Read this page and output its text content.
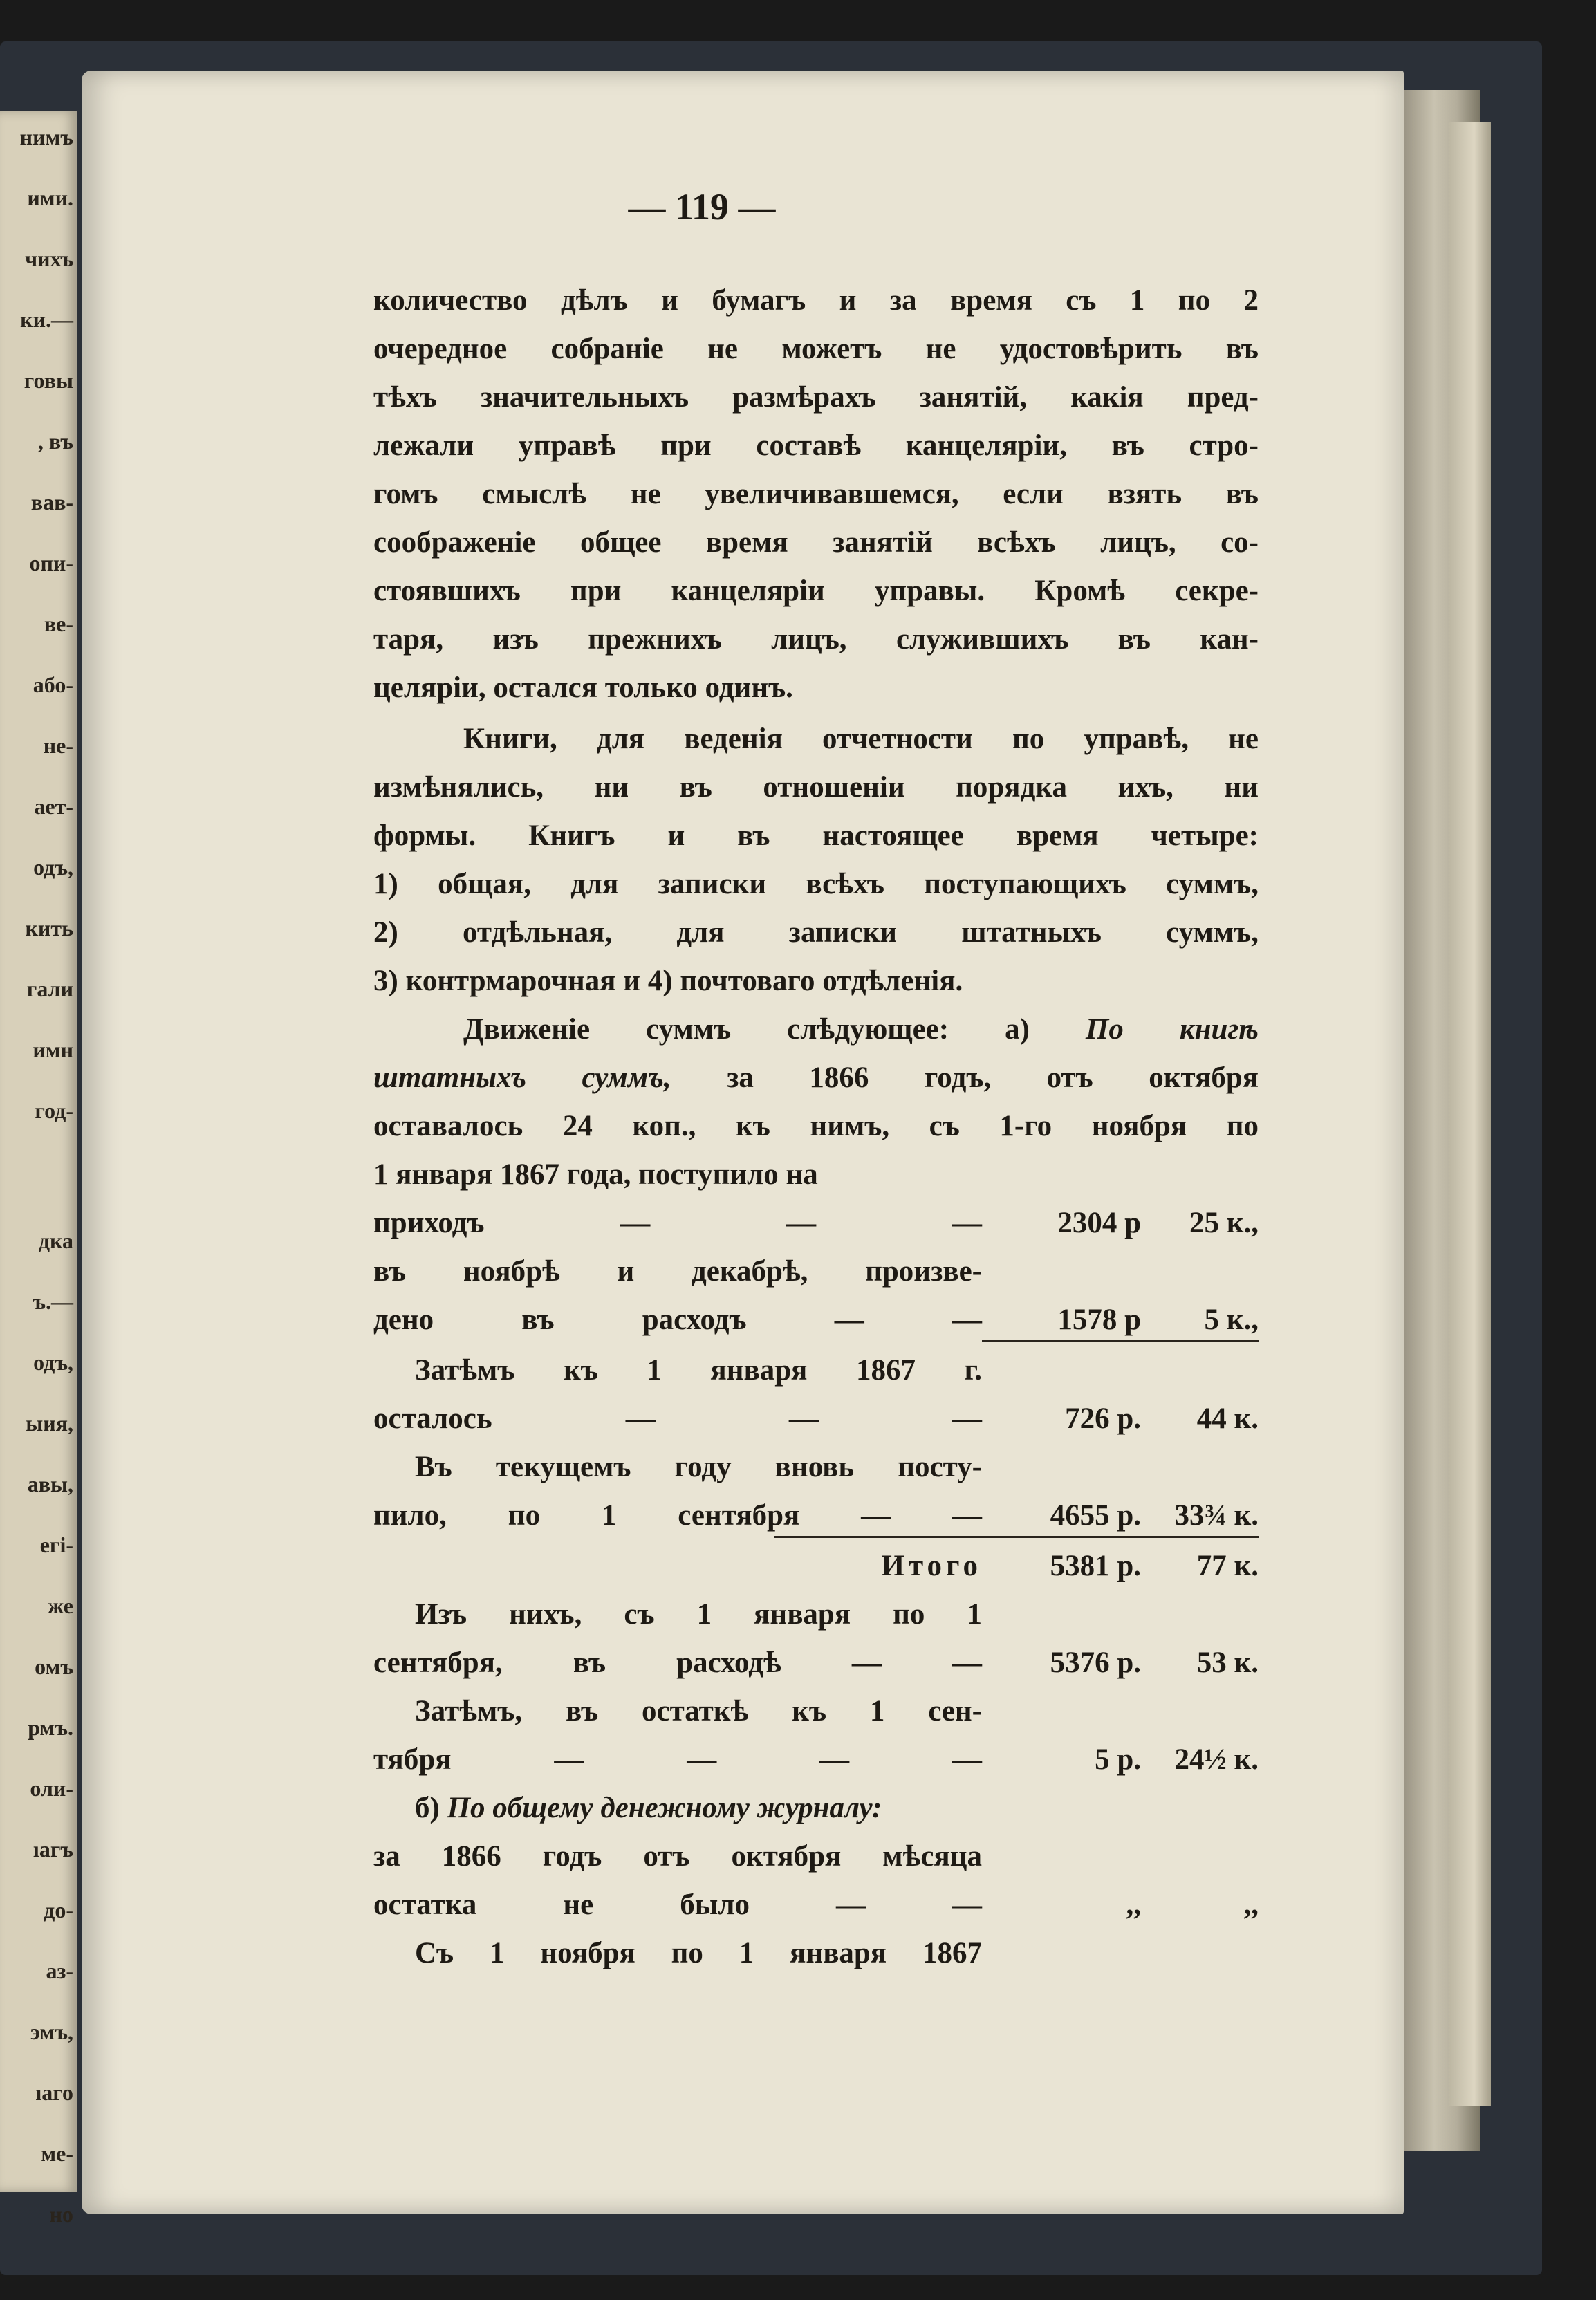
нимъ
ими.
чихъ
ки.—
говы
, въ
вав-
опи-
ве-
або-
не-
ает-
одъ,
кить
гали
имн
год-
дка
ъ.—
одъ,
ыия,
авы,
егі-
же
омъ
рмъ.
оли-
ıагъ
до-
аз-
эмъ,
ıаго
ме-
но
— 119 —
количество дѣлъ и бумагъ и за время съ 1 по 2
очередное собраніе не можетъ не удостовѣрить въ
тѣхъ значительныхъ размѣрахъ занятій, какія пред-
лежали управѣ при составѣ канцеляріи, въ стро-
гомъ смыслѣ не увеличивавшемся, если взять въ
соображеніе общее время занятій всѣхъ лицъ, со-
стоявшихъ при канцеляріи управы. Кромѣ секре-
таря, изъ прежнихъ лицъ, служившихъ въ кан-
целяріи, остался только одинъ.
Книги, для веденія отчетности по управѣ, не
измѣнялись, ни въ отношеніи порядка ихъ, ни
формы. Книгъ и въ настоящее время четыре:
1) общая, для записки всѣхъ поступающихъ суммъ,
2) отдѣльная, для записки штатныхъ суммъ,
3) контрмарочная и 4) почтоваго отдѣленія.
Движеніе суммъ слѣдующее: а) По книгѣ
штатныхъ суммъ, за 1866 годъ, отъ октября
оставалось 24 коп., къ нимъ, съ 1-го ноября по
1 января 1867 года, поступило на
приходъ — — —	2304 р	25 к.,
въ ноябрѣ и декабрѣ, произве-
дено въ расходъ — —	1578 р	5 к.,
Затѣмъ къ 1 января 1867 г.
осталось — — —	726 р.	44 к.
Въ текущемъ году вновь посту-
пило, по 1 сентября — —	4655 р.	33¾ к.
Итого	5381 р.	77 к.
Изъ нихъ, съ 1 января по 1
сентября, въ расходѣ — —	5376 р.	53 к.
Затѣмъ, въ остаткѣ къ 1 сен-
тября — — — —	5 р.	24½ к.
б) По общему денежному журналу:
за 1866 годъ отъ октября мѣсяца
остатка не было — —	,,	,,
Съ 1 ноября по 1 января 1867
